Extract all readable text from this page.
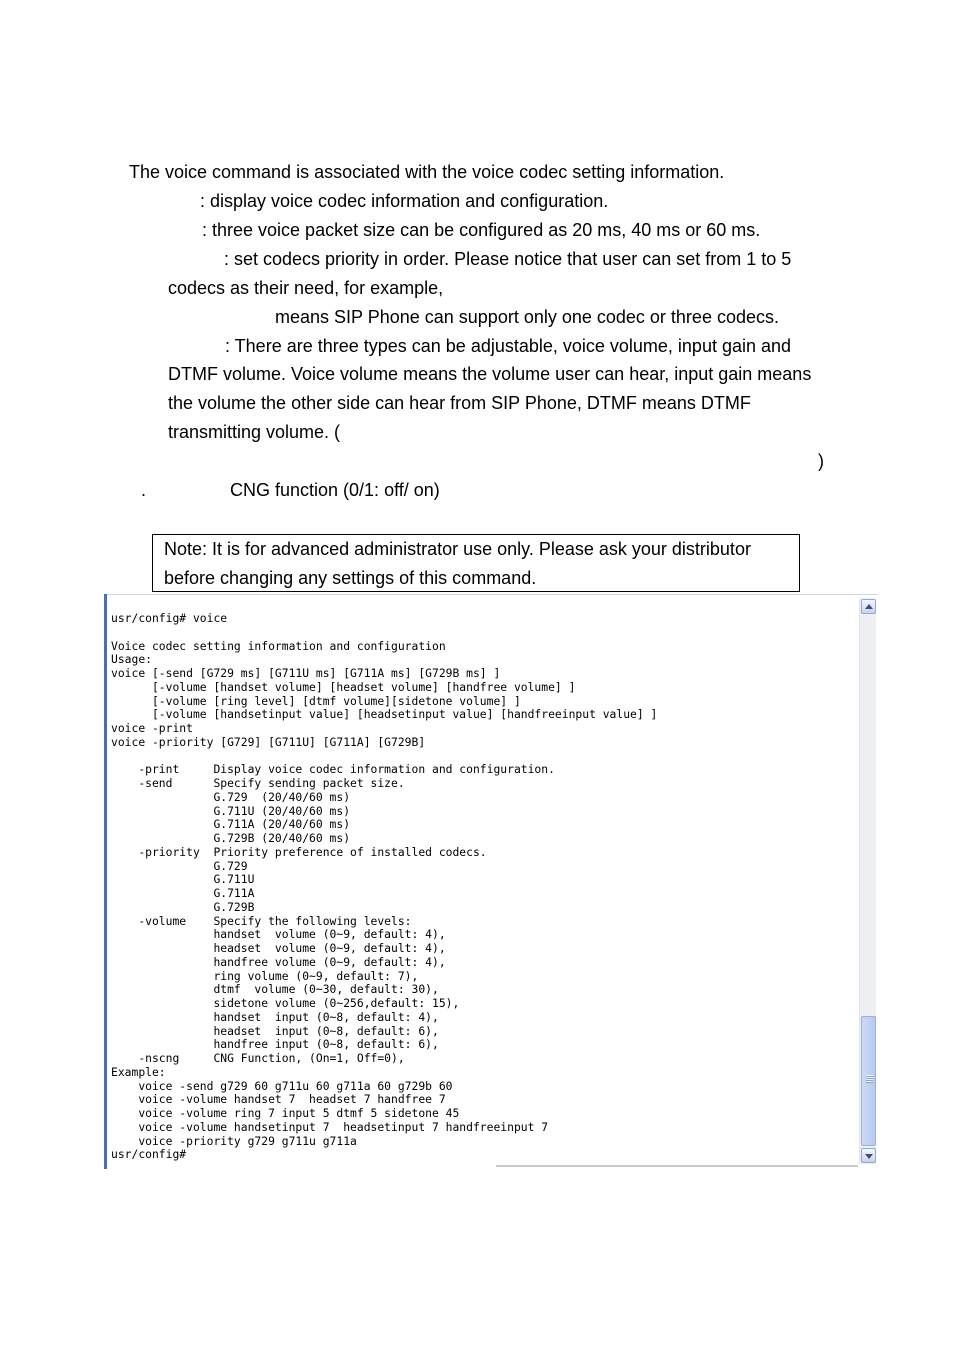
The voice command is associated with the voice codec setting information.
: display voice codec information and configuration.
: three voice packet size can be configured as 20 ms, 40 ms or 60 ms.
: set codecs priority in order. Please notice that user can set from 1 to 5
codecs as their need, for example,
means SIP Phone can support only one codec or three codecs.
: There are three types can be adjustable, voice volume, input gain and
DTMF volume. Voice volume means the volume user can hear, input gain means
the volume the other side can hear from SIP Phone, DTMF means DTMF
transmitting volume. (
)
.	CNG function (0/1: off/ on)
Note: It is for advanced administrator use only. Please ask your distributor
before changing any settings of this command.
usr/config# voice

Voice codec setting information and configuration
Usage:
voice [-send [G729 ms] [G711U ms] [G711A ms] [G729B ms] ]
[-volume [handset volume] [headset volume] [handfree volume] ]
[-volume [ring level] [dtmf volume][sidetone volume] ]
[-volume [handsetinput value] [headsetinput value] [handfreeinput value] ]
voice -print
voice -priority [G729] [G711U] [G711A] [G729B]

-print     Display voice codec information and configuration.
-send      Specify sending packet size.
G.729  (20/40/60 ms)
G.711U (20/40/60 ms)
G.711A (20/40/60 ms)
G.729B (20/40/60 ms)
-priority  Priority preference of installed codecs.
G.729
G.711U
G.711A
G.729B
-volume    Specify the following levels:
handset  volume (0~9, default: 4),
headset  volume (0~9, default: 4),
handfree volume (0~9, default: 4),
ring volume (0~9, default: 7),
dtmf  volume (0~30, default: 30),
sidetone volume (0~256,default: 15),
handset  input (0~8, default: 4),
headset  input (0~8, default: 6),
handfree input (0~8, default: 6),
-nscng     CNG Function, (On=1, Off=0),
Example:
voice -send g729 60 g711u 60 g711a 60 g729b 60
voice -volume handset 7  headset 7 handfree 7
voice -volume ring 7 input 5 dtmf 5 sidetone 45
voice -volume handsetinput 7  headsetinput 7 handfreeinput 7
voice -priority g729 g711u g711a
usr/config#
